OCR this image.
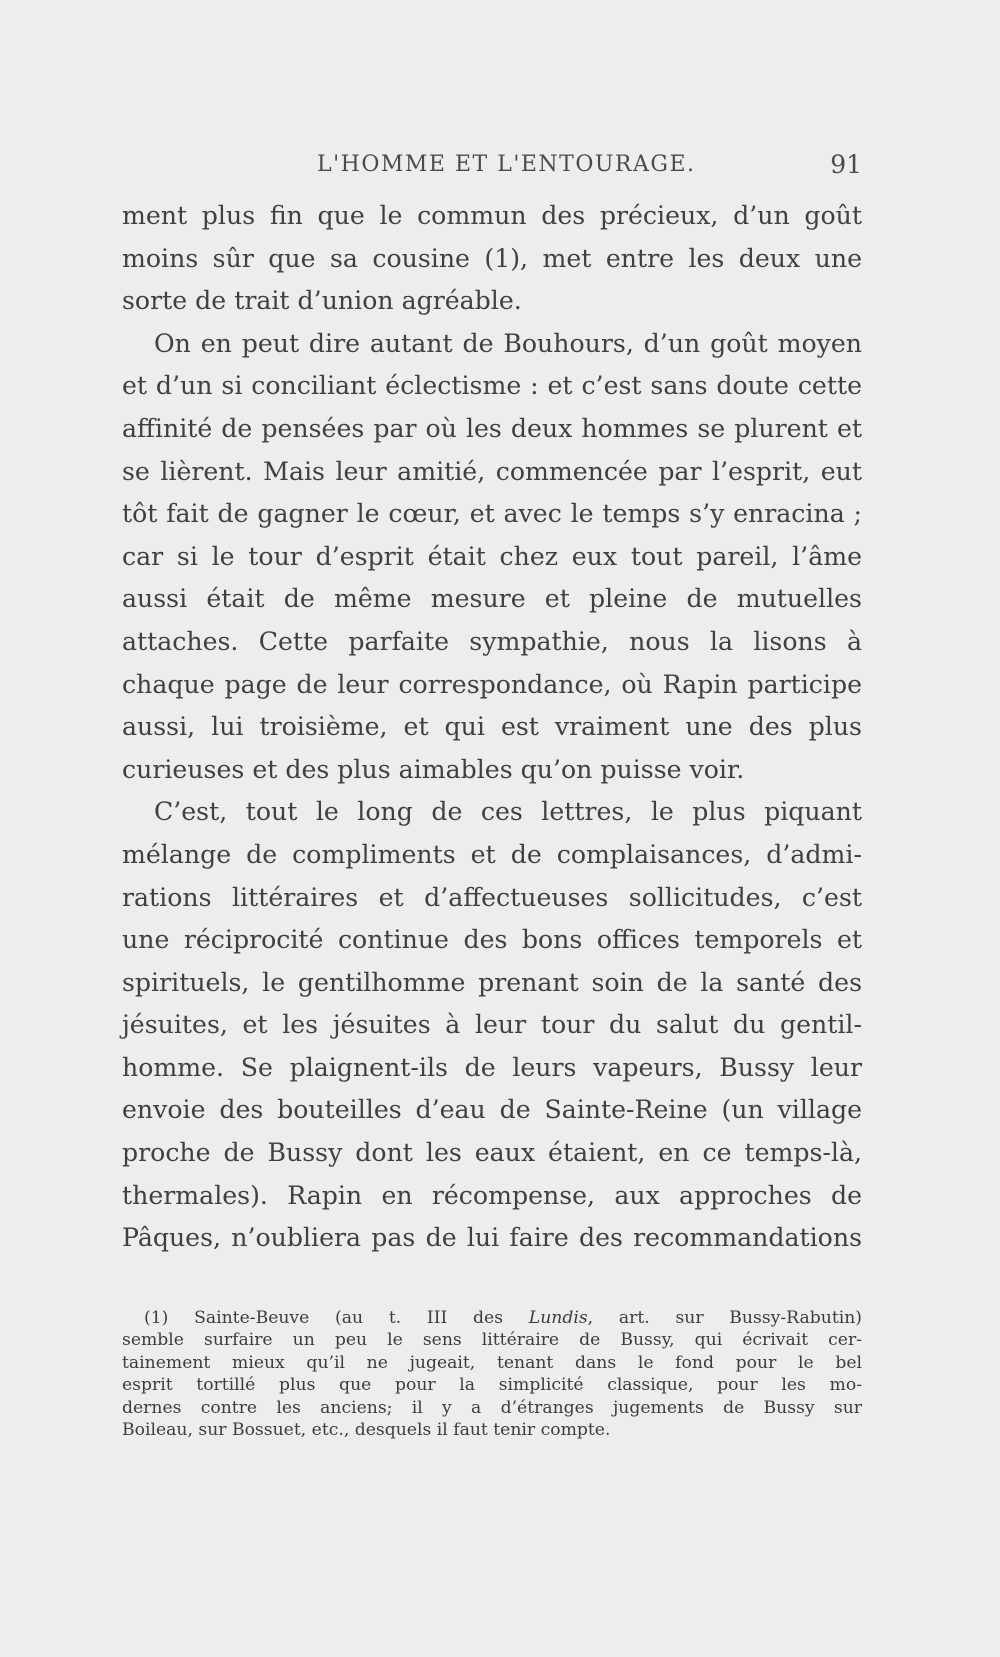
L'HOMME ET L'ENTOURAGE.	91
ment plus fin que le commun des précieux, d’un goût
moins sûr que sa cousine (1), met entre les deux une
sorte de trait d’union agréable.
On en peut dire autant de Bouhours, d’un goût moyen
et d’un si conciliant éclectisme : et c’est sans doute cette
affinité de pensées par où les deux hommes se plurent et
se lièrent. Mais leur amitié, commencée par l’esprit, eut
tôt fait de gagner le cœur, et avec le temps s’y enracina ;
car si le tour d’esprit était chez eux tout pareil, l’âme
aussi était de même mesure et pleine de mutuelles
attaches. Cette parfaite sympathie, nous la lisons à
chaque page de leur correspondance, où Rapin participe
aussi, lui troisième, et qui est vraiment une des plus
curieuses et des plus aimables qu’on puisse voir.
C’est, tout le long de ces lettres, le plus piquant
mélange de compliments et de complaisances, d’admi-
rations littéraires et d’affectueuses sollicitudes, c’est
une réciprocité continue des bons offices temporels et
spirituels, le gentilhomme prenant soin de la santé des
jésuites, et les jésuites à leur tour du salut du gentil-
homme. Se plaignent-ils de leurs vapeurs, Bussy leur
envoie des bouteilles d’eau de Sainte-Reine (un village
proche de Bussy dont les eaux étaient, en ce temps-là,
thermales). Rapin en récompense, aux approches de
Pâques, n’oubliera pas de lui faire des recommandations
(1) Sainte-Beuve (au t. III des Lundis, art. sur Bussy-Rabutin)
semble surfaire un peu le sens littéraire de Bussy, qui écrivait cer-
tainement mieux qu’il ne jugeait, tenant dans le fond pour le bel
esprit tortillé plus que pour la simplicité classique, pour les mo-
dernes contre les anciens; il y a d’étranges jugements de Bussy sur
Boileau, sur Bossuet, etc., desquels il faut tenir compte.
